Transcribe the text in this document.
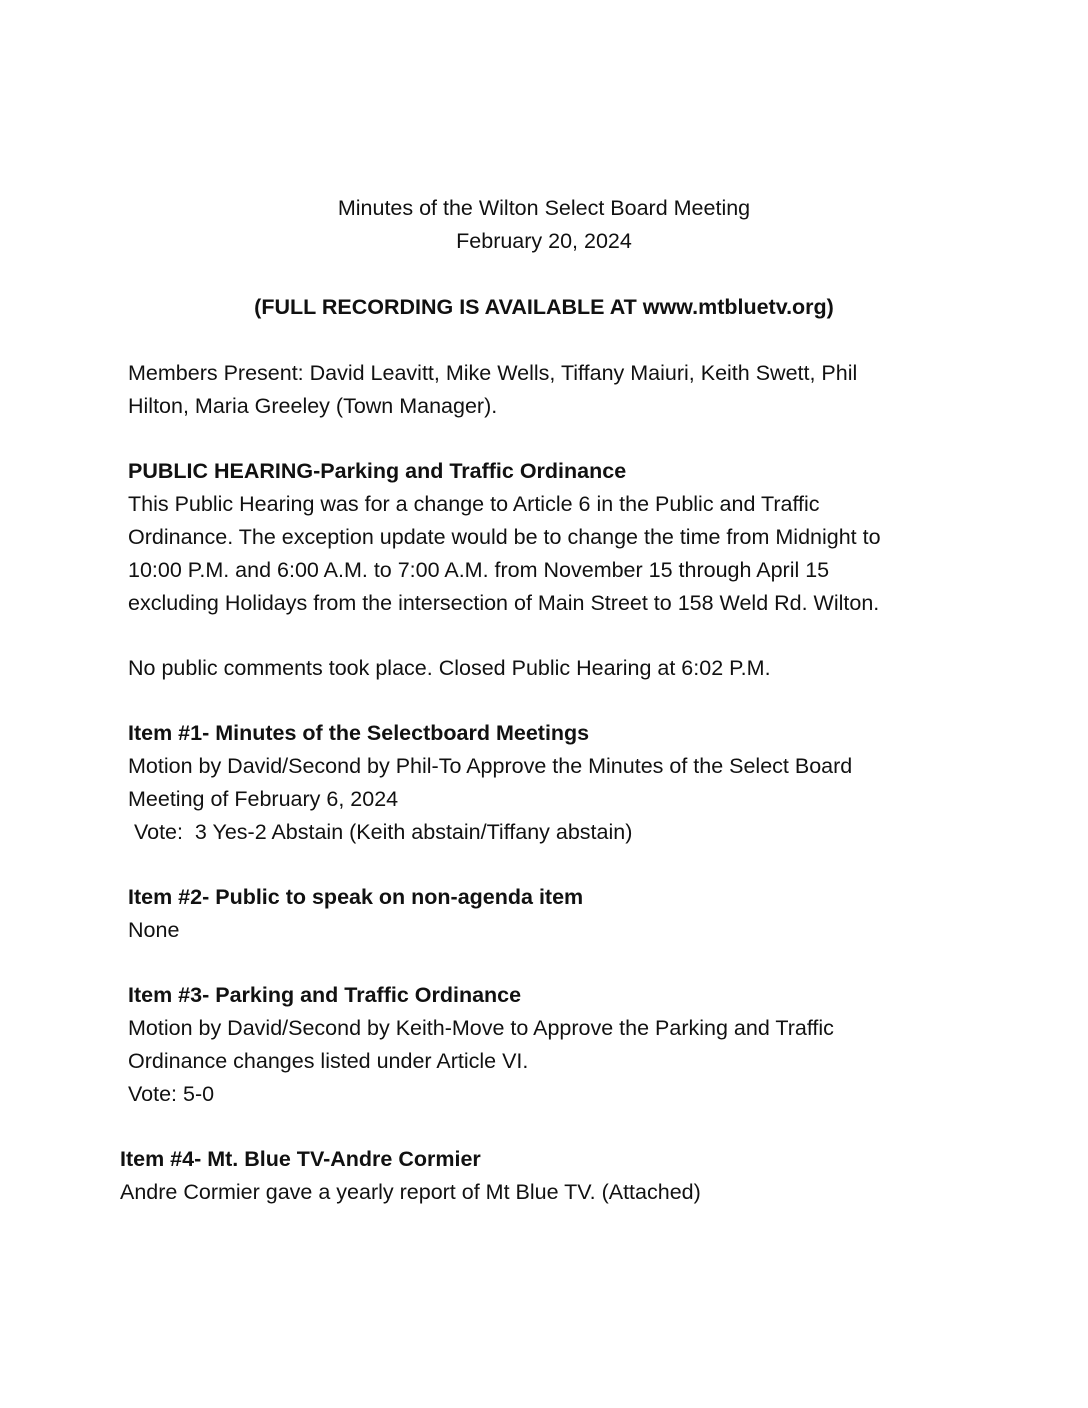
Minutes of the Wilton Select Board Meeting
February 20, 2024
(FULL RECORDING IS AVAILABLE AT www.mtbluetv.org)
Members Present: David Leavitt, Mike Wells, Tiffany Maiuri, Keith Swett, Phil
Hilton, Maria Greeley (Town Manager).
PUBLIC HEARING-Parking and Traffic Ordinance
This Public Hearing was for a change to Article 6 in the Public and Traffic
Ordinance. The exception update would be to change the time from Midnight to
10:00 P.M. and 6:00 A.M. to 7:00 A.M. from November 15 through April 15
excluding Holidays from the intersection of Main Street to 158 Weld Rd. Wilton.
No public comments took place. Closed Public Hearing at 6:02 P.M.
Item #1- Minutes of the Selectboard Meetings
Motion by David/Second by Phil-To Approve the Minutes of the Select Board
Meeting of February 6, 2024
Vote:  3 Yes-2 Abstain (Keith abstain/Tiffany abstain)
Item #2- Public to speak on non-agenda item
None
Item #3- Parking and Traffic Ordinance
Motion by David/Second by Keith-Move to Approve the Parking and Traffic
Ordinance changes listed under Article VI.
Vote: 5-0
Item #4- Mt. Blue TV-Andre Cormier
Andre Cormier gave a yearly report of Mt Blue TV. (Attached)
